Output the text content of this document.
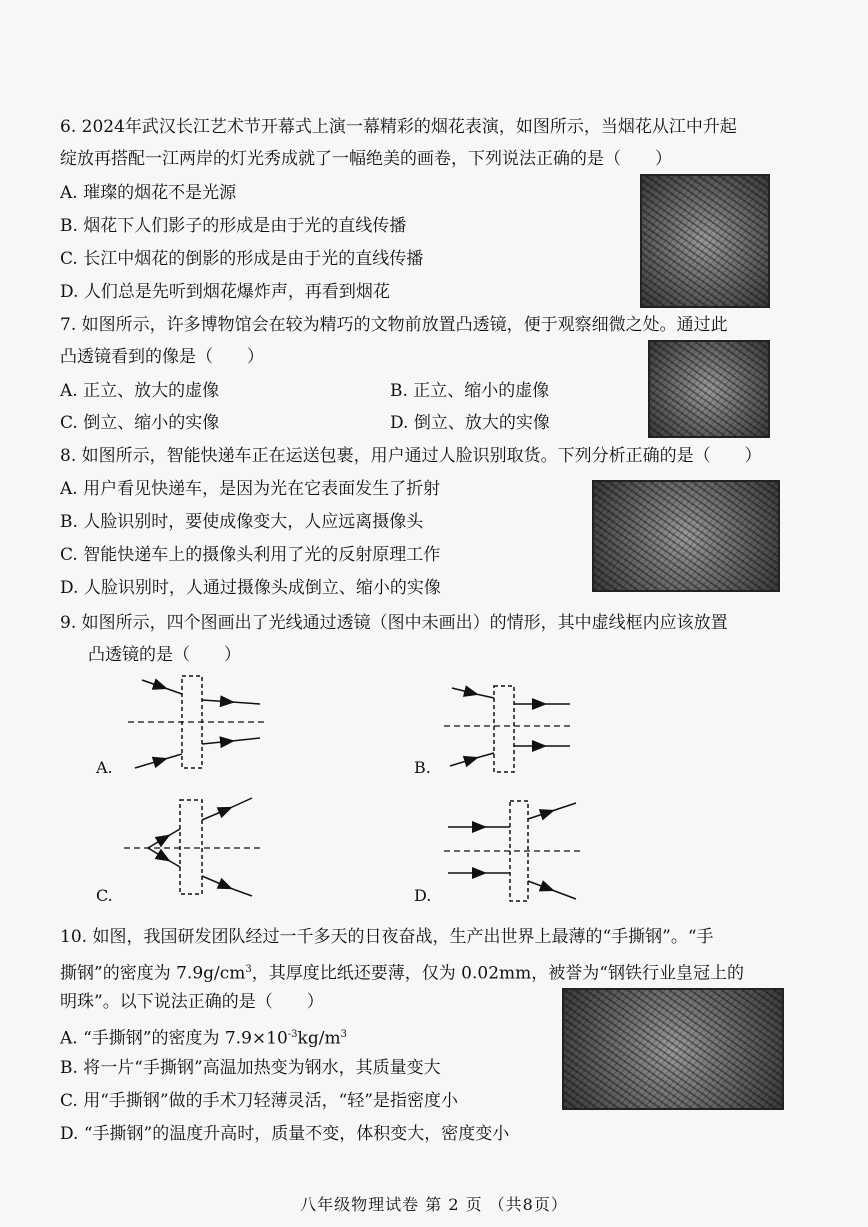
6. 2024年武汉长江艺术节开幕式上演一幕精彩的烟花表演，如图所示，当烟花从江中升起
绽放再搭配一江两岸的灯光秀成就了一幅绝美的画卷，下列说法正确的是（　　）
A. 璀璨的烟花不是光源
B. 烟花下人们影子的形成是由于光的直线传播
C. 长江中烟花的倒影的形成是由于光的直线传播
D. 人们总是先听到烟花爆炸声，再看到烟花
7. 如图所示，许多博物馆会在较为精巧的文物前放置凸透镜，便于观察细微之处。通过此
凸透镜看到的像是（　　）
A. 正立、放大的虚像	B. 正立、缩小的虚像
C. 倒立、缩小的实像	D. 倒立、放大的实像
8. 如图所示，智能快递车正在运送包裹，用户通过人脸识别取货。下列分析正确的是（　　）
A. 用户看见快递车，是因为光在它表面发生了折射
B. 人脸识别时，要使成像变大，人应远离摄像头
C. 智能快递车上的摄像头利用了光的反射原理工作
D. 人脸识别时，人通过摄像头成倒立、缩小的实像
9. 如图所示，四个图画出了光线通过透镜（图中未画出）的情形，其中虚线框内应该放置
凸透镜的是（　　）
A.	B.
C.	D.
10. 如图，我国研发团队经过一千多天的日夜奋战，生产出世界上最薄的“手撕钢”。“手
撕钢”的密度为 $7.9g/cm^3$，其厚度比纸还要薄，仅为 0.02mm，被誉为“钢铁行业皇冠上的
明珠”。以下说法正确的是（　　）
A. “手撕钢”的密度为 $7.9\times 10^{-3}kg/m^3$
B. 将一片“手撕钢”高温加热变为钢水，其质量变大
C. 用“手撕钢”做的手术刀轻薄灵活，“轻”是指密度小
D. “手撕钢”的温度升高时，质量不变，体积变大，密度变小
八年级物理试卷 第 2 页 （共8页）
